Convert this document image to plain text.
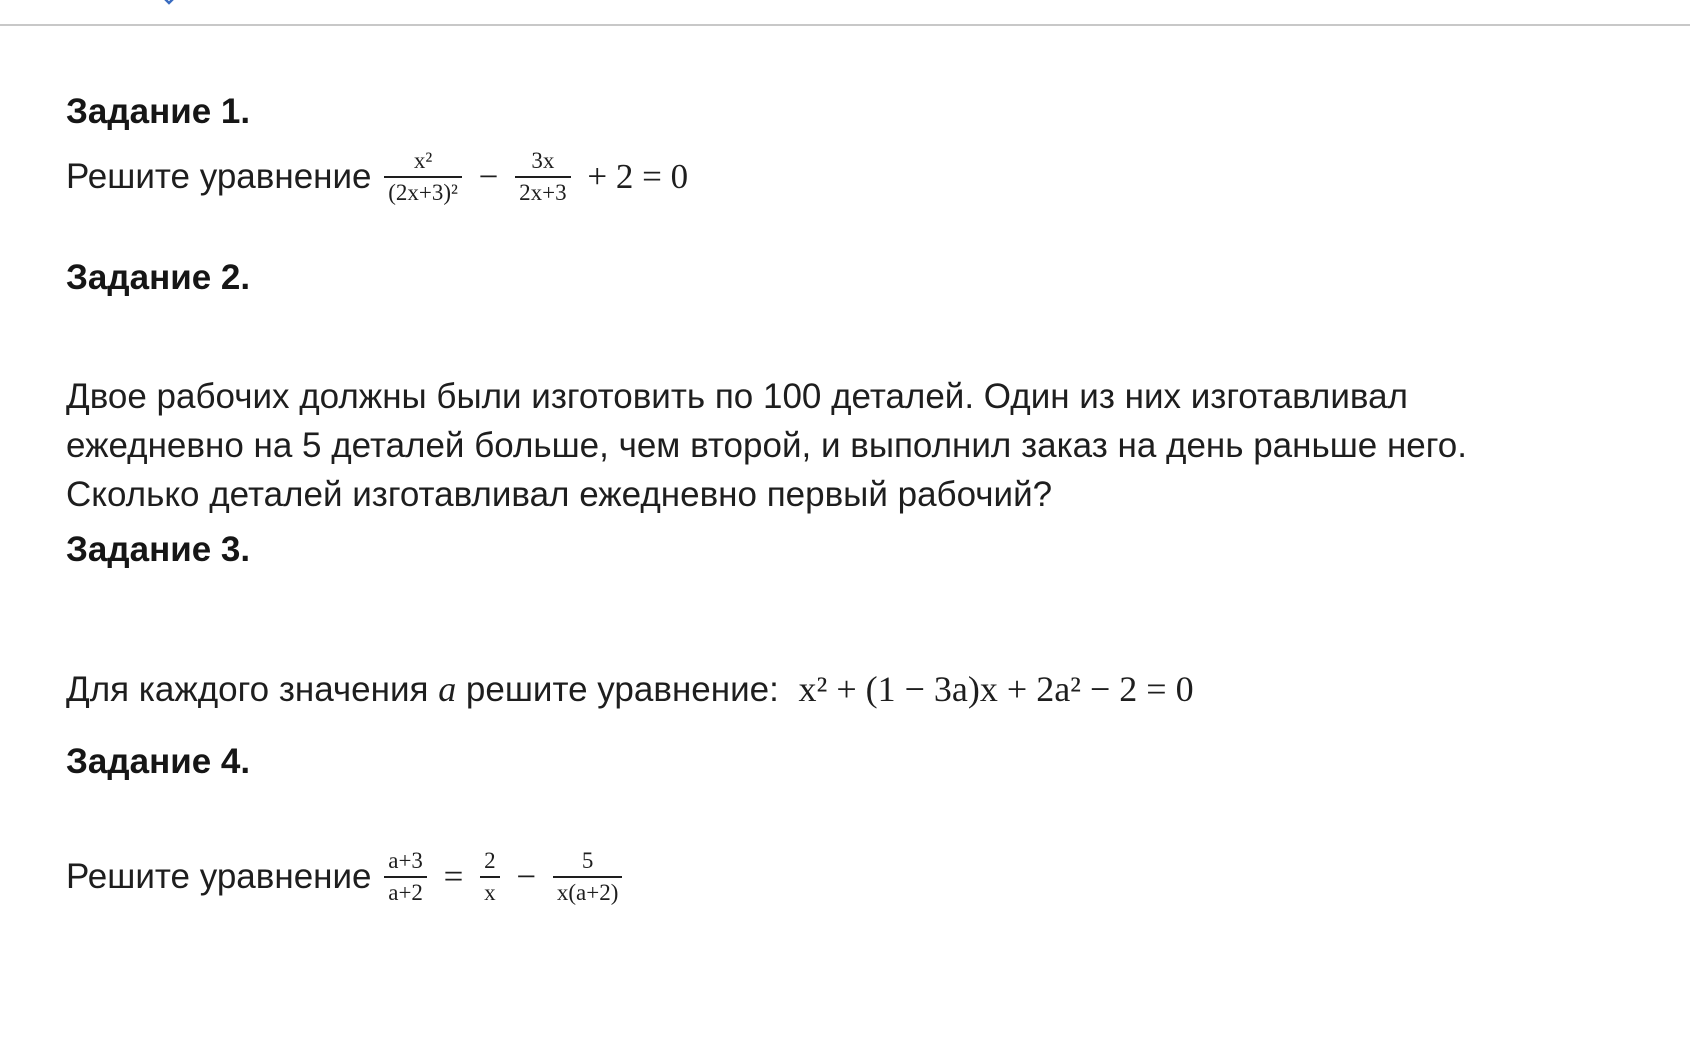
Задание 1.
Решите уравнение $\frac{\text{x²}}{\text{(2x+3)²}} - \frac{3x}{2x+3} + 2 = 0$
Задание 2.

Двое рабочих должны были изготовить по 100 деталей. Один из них изготавливал

ежедневно на 5 деталей больше, чем второй, и выполнил заказ на день раньше него.

Сколько деталей изготавливал ежедневно первый рабочий?

Задание 3.
Для каждого значения a решите уравнение: x² + (1 − 3a)x + 2a² − 2 = 0
Задание 4.
Решите уравнение $\frac{a+3}{a+2} = \frac{2}{x} - \frac{5}{x(a+2)}$
